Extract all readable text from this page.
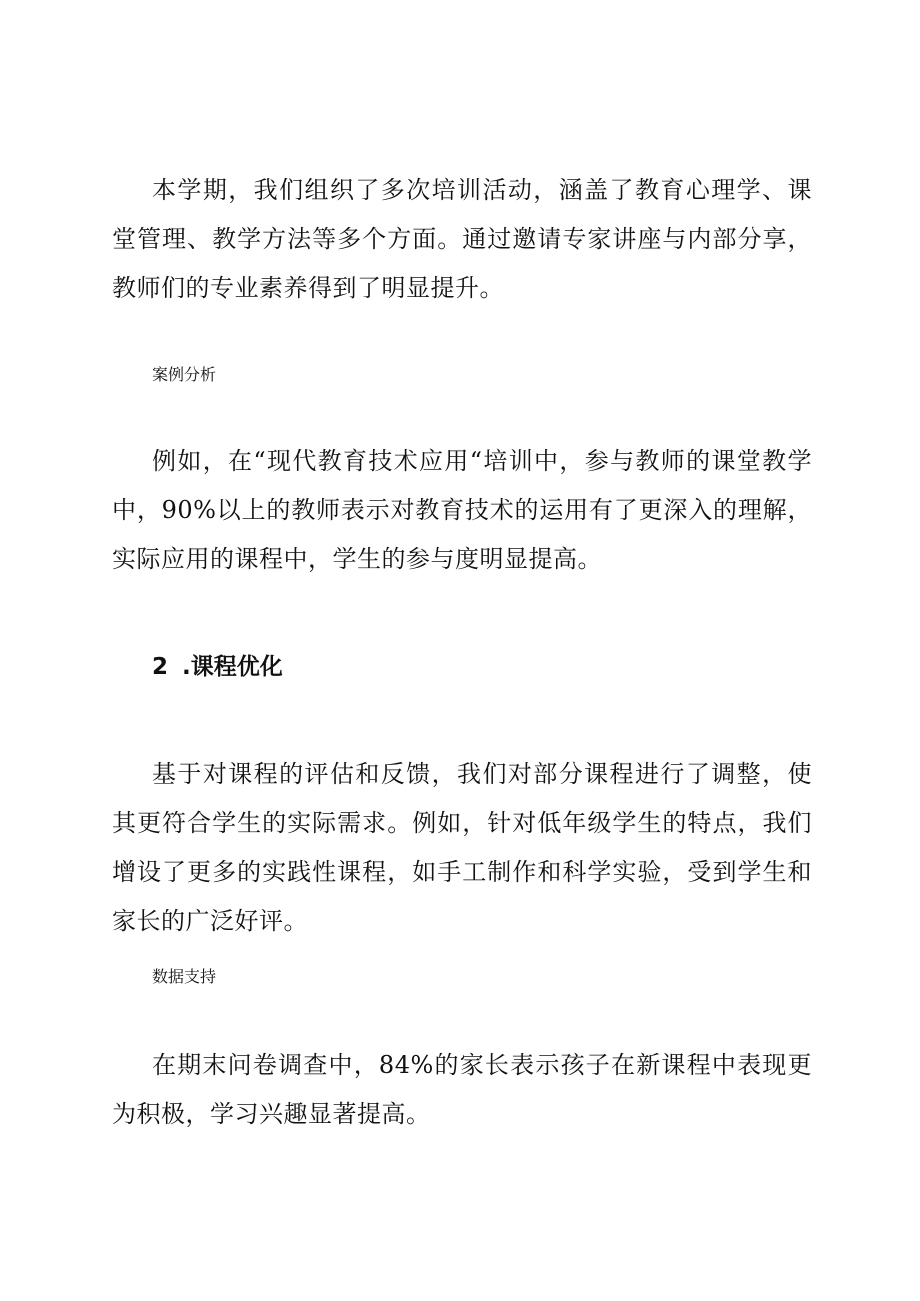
本学期，我们组织了多次培训活动，涵盖了教育心理学、课堂管理、教学方法等多个方面。通过邀请专家讲座与内部分享，教师们的专业素养得到了明显提升。

案例分析

例如，在“现代教育技术应用“培训中，参与教师的课堂教学中，90%以上的教师表示对教育技术的运用有了更深入的理解，实际应用的课程中，学生的参与度明显提高。

2 .课程优化

基于对课程的评估和反馈，我们对部分课程进行了调整，使其更符合学生的实际需求。例如，针对低年级学生的特点，我们增设了更多的实践性课程，如手工制作和科学实验，受到学生和家长的广泛好评。

数据支持

在期末问卷调查中，84%的家长表示孩子在新课程中表现更为积极，学习兴趣显著提高。
